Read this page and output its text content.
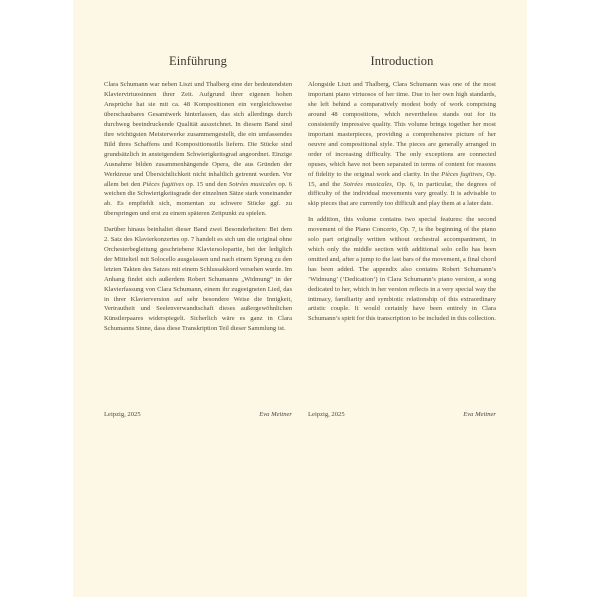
Einführung

Clara Schumann war neben Liszt und Thalberg eine der bedeutendsten Klaviervirtuosinnen ihrer Zeit. Aufgrund ihrer eigenen hohen Ansprüche hat sie mit ca. 48 Kompositionen ein vergleichsweise überschaubares Gesamtwerk hinterlassen, das sich allerdings durch durchweg beeindruckende Qualität auszeichnet. In diesem Band sind ihre wichtigsten Meisterwerke zusammengestellt, die ein umfassendes Bild ihres Schaffens und Kompositionsstils liefern. Die Stücke sind grundsätzlich in ansteigendem Schwierigkeitsgrad angeordnet. Einzige Ausnahme bilden zusammenhängende Opera, die aus Gründen der Werktreue und Übersichtlichkeit nicht inhaltlich getrennt wurden. Vor allem bei den Pièces fugitives op. 15 und den Soirées musicales op. 6 weichen die Schwierigkeitsgrade der einzelnen Sätze stark voneinander ab. Es empfiehlt sich, momentan zu schwere Stücke ggf. zu überspringen und erst zu einem späteren Zeitpunkt zu spielen.

Darüber hinaus beinhaltet dieser Band zwei Besonderheiten: Bei dem 2. Satz des Klavierkonzertes op. 7 handelt es sich um die original ohne Orchesterbegleitung geschriebene Klaviersolopartie, bei der lediglich der Mittelteil mit Solocello ausgelassen und nach einem Sprung zu den letzten Takten des Satzes mit einem Schlussakkord versehen wurde. Im Anhang findet sich außerdem Robert Schumanns „Widmung“ in der Klavierfassung von Clara Schumann, einem ihr zugeeigneten Lied, das in ihrer Klavierversion auf sehr besondere Weise die Innigkeit, Vertrautheit und Seelenverwandtschaft dieses außergewöhnlichen Künstlerpaares widerspiegelt. Sicherlich wäre es ganz in Clara Schumanns Sinne, dass diese Transkription Teil dieser Sammlung ist.

Leipzig, 2025	Eva Meitner
Introduction

Alongside Liszt and Thalberg, Clara Schumann was one of the most important piano virtuosos of her time. Due to her own high standards, she left behind a comparatively modest body of work comprising around 48 compositions, which nevertheless stands out for its consistently impressive quality. This volume brings together her most important masterpieces, providing a comprehensive picture of her oeuvre and compositional style. The pieces are generally arranged in order of increasing difficulty. The only exceptions are connected opuses, which have not been separated in terms of content for reasons of fidelity to the original work and clarity. In the Pièces fugitives, Op. 15, and the Soirées musicales, Op. 6, in particular, the degrees of difficulty of the individual movements vary greatly. It is advisable to skip pieces that are currently too difficult and play them at a later date.

In addition, this volume contains two special features: the second movement of the Piano Concerto, Op. 7, is the beginning of the piano solo part originally written without orchestral accompaniment, in which only the middle section with additional solo cello has been omitted and, after a jump to the last bars of the movement, a final chord has been added. The appendix also contains Robert Schumann’s ‘Widmung’ (‘Dedication’) in Clara Schumann’s piano version, a song dedicated to her, which in her version reflects in a very special way the intimacy, familiarity and symbiotic relationship of this extraordinary artistic couple. It would certainly have been entirely in Clara Schumann’s spirit for this transcription to be included in this collection.

Leipzig, 2025	Eva Meitner
